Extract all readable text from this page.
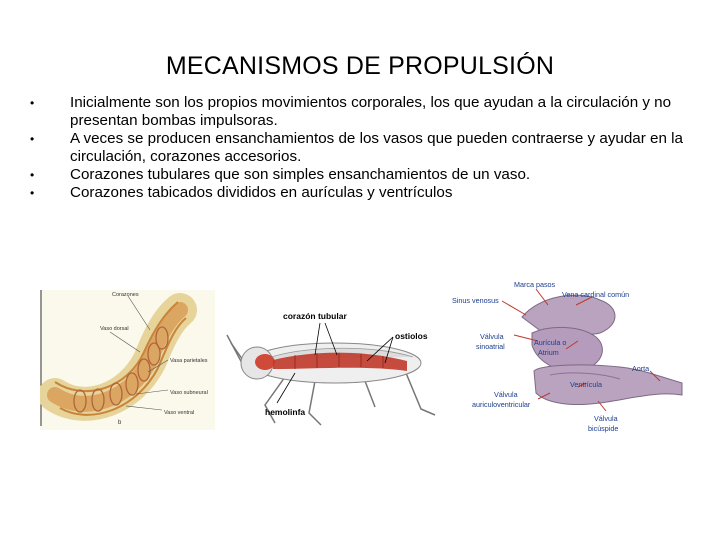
MECANISMOS DE PROPULSIÓN
• Inicialmente son los propios movimientos corporales, los que ayudan a la circulación y no presentan bombas impulsoras.
• A veces se producen ensanchamientos de los vasos que pueden contraerse y ayudar en la circulación, corazones accesorios.
• Corazones tubulares que son simples ensanchamientos de un vaso.
• Corazones tabicados divididos en aurículas y ventrículos
Corazones
Vaso dorsal
Vasa parietales
Vaso subneural
Vaso ventral
b
corazón tubular
ostiolos
hemolinfa
Marca pasos
Sinus venosus
Vena cardinal común
Válvula
sinoatrial	Aurícula o
Atrium
Aorta
Ventrícula
Válvula
auriculoventricular
Válvula
bicúspide
